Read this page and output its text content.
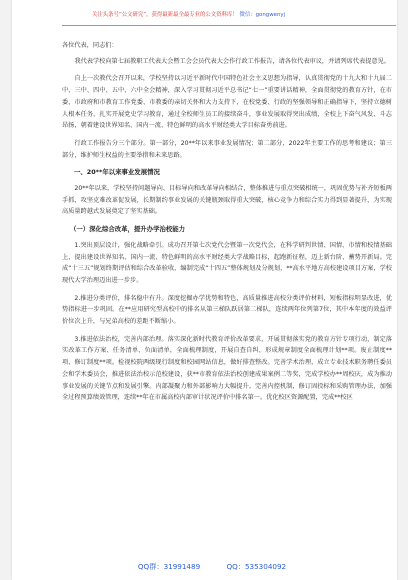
关注头条号“公文研究”，获得最新最全最专业的公文资料库！ 微信：gongwenyj

各位代表，同志们：

我代表学校向第七届教职工代表大会暨工会会员代表大会作行政工作报告，请各位代表审议，并请列席代表提意见。

自上一次教代会召开以来，学校坚持以习近平新时代中国特色社会主义思想为指导，认真贯彻党的十九大和十九届二中、三中、四中、五中、六中全会精神，深入学习贯彻习近平总书记“七一”重要讲话精神，全面贯彻党的教育方针，在市委、市政府和市教育工作党委、市教委的亲切关怀和大力支持下，在校党委、行政的坚强领导和正确指导下，坚持立德树人根本任务，扎实开展党史学习教育，通过全校师生员工的接续奋斗，事业发展取得突出成绩，全校上下奋气风发、斗志昂扬，朝着建设世界知名、国内一流、特色鲜明的高水平财经类大学目标奋勇前进。

行政工作报告分三个部分。第一部分，20**年以来事业发展情况；第二部分，2022年主要工作的思考和建议；第三部分，维护师生权益的主要举措和未来思路。

一、20**年以来事业发展情况

20**年以来，学校坚持问题导向、目标导向和改革导向相结合，整体推进与重点突破相统一，巩固优势与补齐短板两手抓，攻坚克难改革促发展，长期制约事业发展的关键瓶颈取得重大突破，核心竞争力和综合实力得到显著提升，为实现高质量跨越式发展奠定了坚实基础。

（一）深化综合改革，提升办学治校能力

1.突出顶层设计，强化战略牵引。成功召开第七次党代会暨第一次党代会，在科学研判世情、国情、市情和校情基础上，提出建设世界知名、国内一流、特色鲜明的高水平财经类大学战略目标，起跑新征程，迈上新台阶，蓄势开新局。完成“十三五”规划终期评估和综合改革验收，编制完成“十四五”整体规划及分规划，**高水平地方高校建设项目方案，学校现代大学治理迈出进一步步。

2.推进分类评价，排名稳中有升。深度挖掘办学优势和特色，高质量推进高校分类评价材料，短板指标明显改进，优势指标进一步巩固。在**应用研究型高校中的排名从第三梯队跃居第二梯队，连续两年位列第7位，其中本年度的效益评价位次上升，与兄弟高校的差距不断缩小。

3.推进依法治校，完善内部治理。落实深化新时代教育评价改革要求，开展贯彻落实党的教育方针专项行动，制定落实改革工作方案、任务清单、负面清单，全面梳理制度，开展自查自纠，形成规章制度全面梳理计划**项。废止制度**项、修订制度**项。检视校院两级现行制度和校园网站信息，做好排查整改。完善学术治理，成立专业技术职务聘任委员会和学术委员会，推进依法治校示范校建设，获**市教育依法治校创建成果案例二等奖，完成学校办**周校庆，成为推动事业发展的关键节点和发展引擎。内部凝聚力和外部影响力大幅提升。完善内控机制，修订固投标和采购管理办法，加强全过程预算绩效管理，连续**年在市属高校内部审计状况评价中排名第一。优化校区资源配置，完成**校区

QQ群：31991489	QQ：535304092
